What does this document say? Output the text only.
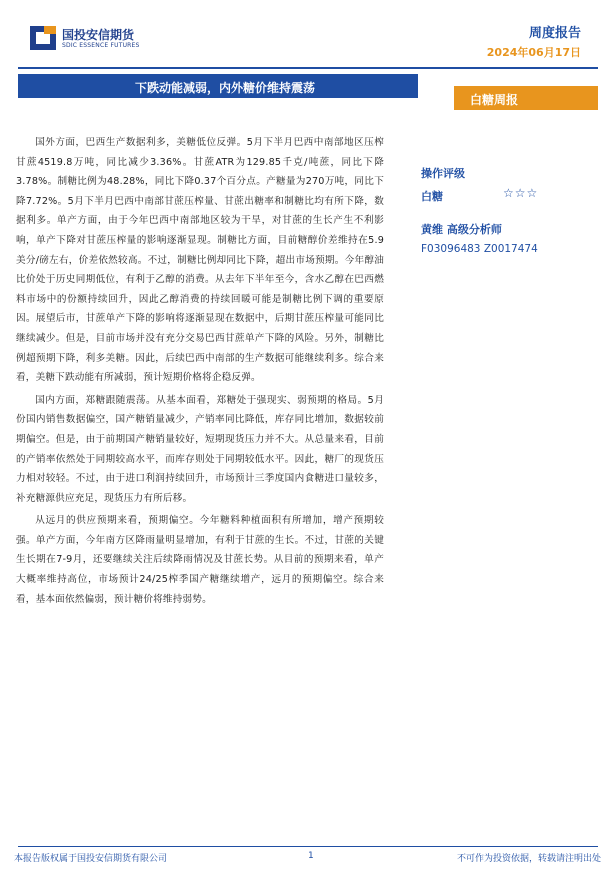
国投安信期货
SDIC ESSENCE FUTURES
周度报告
2024年06月17日
下跌动能减弱，内外糖价维持震荡
白糖周报

国外方面，巴西生产数据利多，美糖低位反弹。5月下半月巴西中南部地区压榨甘蔗4519.8万吨，同比减少3.36%。甘蔗ATR为129.85千克/吨蔗，同比下降3.78%。制糖比例为48.28%，同比下降0.37个百分点。产糖量为270万吨，同比下降7.72%。5月下半月巴西中南部甘蔗压榨量、甘蔗出糖率和制糖比均有所下降，数据利多。单产方面，由于今年巴西中南部地区较为干旱，对甘蔗的生长产生不利影响，单产下降对甘蔗压榨量的影响逐渐显现。制糖比方面，目前糖醇价差维持在5.9美分/磅左右，价差依然较高。不过，制糖比例却同比下降，超出市场预期。今年醇油比价处于历史同期低位，有利于乙醇的消费。从去年下半年至今，含水乙醇在巴西燃料市场中的份额持续回升，因此乙醇消费的持续回暖可能是制糖比例下调的重要原因。展望后市，甘蔗单产下降的影响将逐渐显现在数据中，后期甘蔗压榨量可能同比继续减少。但是，目前市场并没有充分交易巴西甘蔗单产下降的风险。另外，制糖比例超预期下降，利多美糖。因此，后续巴西中南部的生产数据可能继续利多。综合来看，美糖下跌动能有所减弱，预计短期价格将企稳反弹。

国内方面，郑糖跟随震荡。从基本面看，郑糖处于强现实、弱预期的格局。5月份国内销售数据偏空，国产糖销量减少，产销率同比降低，库存同比增加，数据较前期偏空。但是，由于前期国产糖销量较好，短期现货压力并不大。从总量来看，目前的产销率依然处于同期较高水平，而库存则处于同期较低水平。因此，糖厂的现货压力相对较轻。不过，由于进口利润持续回升，市场预计三季度国内食糖进口量较多，补充糖源供应充足，现货压力有所后移。

从远月的供应预期来看，预期偏空。今年糖料种植面积有所增加，增产预期较强。单产方面，今年南方区降雨量明显增加，有利于甘蔗的生长。不过，甘蔗的关键生长期在7-9月，还要继续关注后续降雨情况及甘蔗长势。从目前的预期来看，单产大概率维持高位，市场预计24/25榨季国产糖继续增产，远月的预期偏空。综合来看，基本面依然偏弱，预计糖价将维持弱势。

操作评级
白糖	☆☆☆
黄维 高级分析师
F03096483 Z0017474
本报告版权属于国投安信期货有限公司	1	不可作为投资依据，转载请注明出处
